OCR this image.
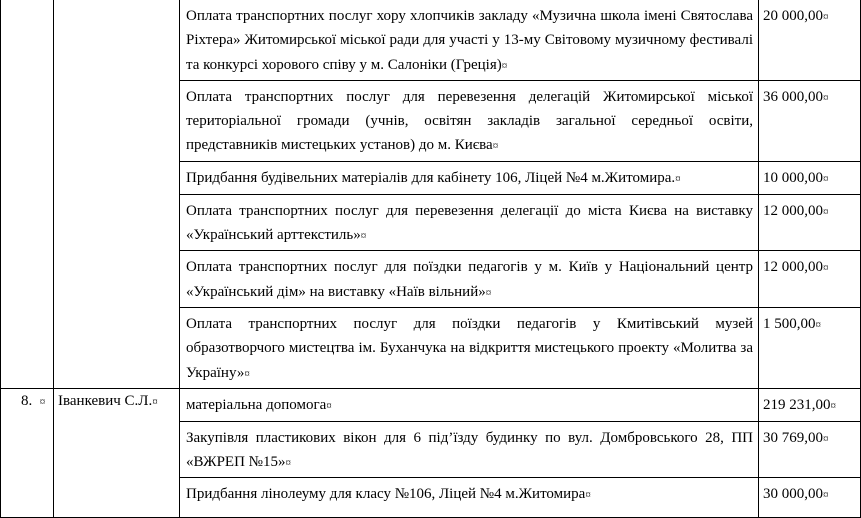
		Оплата транспортних послуг хору хлопчиків закладу «Музична школа імені Святослава Ріхтера» Житомирської міської ради для участі у 13-му Світовому музичному фестивалі та конкурсі хорового співу у м. Салоніки (Греція)¤	20 000,00¤
		Оплата транспортних послуг для перевезення делегацій Житомирської міської територіальної громади (учнів, освітян закладів загальної середньої освіти, представників мистецьких установ) до м. Києва¤	36 000,00¤
		Придбання будівельних матеріалів для кабінету 106, Ліцей №4 м.Житомира.¤	10 000,00¤
		Оплата транспортних послуг для перевезення делегації до міста Києва на виставку «Український арттекстиль»¤	12 000,00¤
		Оплата транспортних послуг для поїздки педагогів у м. Київ у Національний центр «Український дім» на виставку «Наїв вільний»¤	12 000,00¤
		Оплата транспортних послуг для поїздки педагогів у Кмитівський музей образотворчого мистецтва ім. Буханчука на відкриття мистецького проекту «Молитва за Україну»¤	1 500,00¤
8. ¤	Іванкевич С.Л.¤	матеріальна допомога¤	219 231,00¤
		Закупівля пластикових вікон для 6 під’їзду будинку по вул. Домбровського 28, ПП «ВЖРЕП №15»¤	30 769,00¤
		Придбання лінолеуму для класу №106, Ліцей №4 м.Житомира¤	30 000,00¤
